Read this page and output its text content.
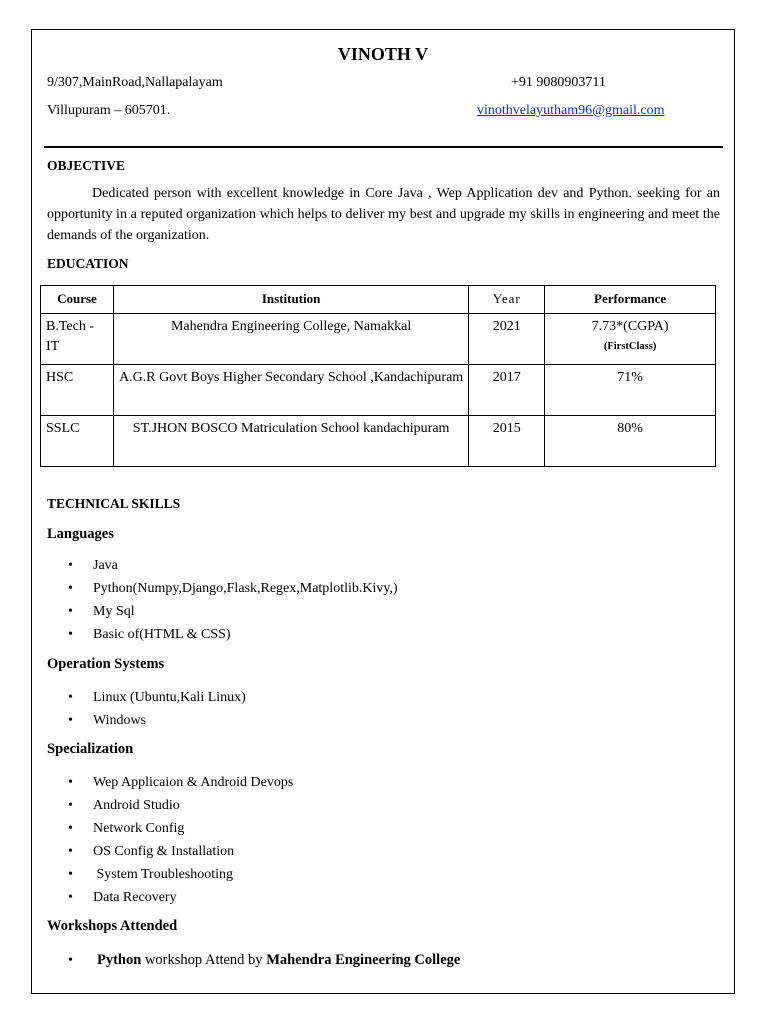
VINOTH V
9/307,MainRoad,Nallapalayam
Villupuram – 605701.
+91 9080903711
vinothvelayutham96@gmail.com
OBJECTIVE
Dedicated person with excellent knowledge in Core Java , Wep Application dev and Python. seeking for an opportunity in a reputed organization which helps to deliver my best and upgrade my skills in engineering and meet the demands of the organization.
EDUCATION
Course	Institution	Year	Performance
B.Tech - IT	Mahendra Engineering College, Namakkal	2021	7.73*(CGPA)
(FirstClass)

HSC	A.G.R Govt Boys Higher Secondary School ,Kandachipuram	2017	71%
SSLC	ST.JHON BOSCO Matriculation School kandachipuram	2015	80%
TECHNICAL SKILLS
Languages
• Java
• Python(Numpy,Django,Flask,Regex,Matplotlib.Kivy,)
• My Sql
• Basic of(HTML & CSS)
Operation Systems
• Linux (Ubuntu,Kali Linux)
• Windows
Specialization
• Wep Applicaion & Android Devops
• Android Studio
• Network Config
• OS Config & Installation
•  System Troubleshooting
• Data Recovery
Workshops Attended
• Python workshop Attend by Mahendra Engineering College
